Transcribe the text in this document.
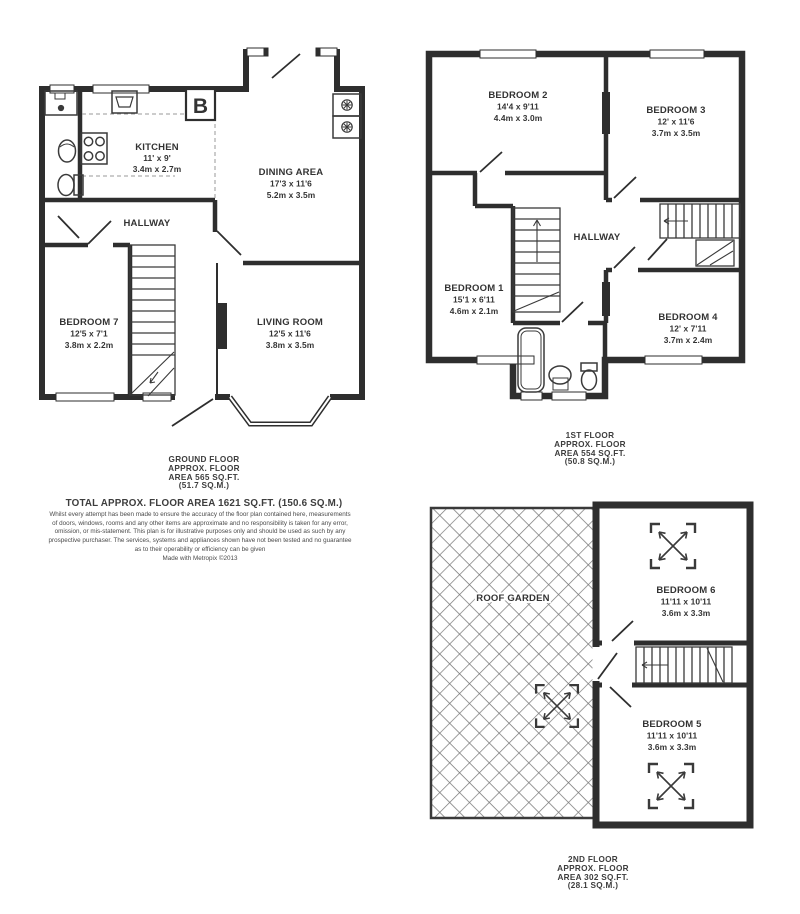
B
KITCHEN
11' x 9'
3.4m x 2.7m	DINING AREA
17'3 x 11'6
5.2m x 3.5m
HALLWAY
BEDROOM 7
12'5 x 7'1
3.8m x 2.2m
LIVING ROOM
12'5 x 11'6
3.8m x 3.5m
BEDROOM 2
14'4 x 9'11
4.4m x 3.0m
BEDROOM 3
12' x 11'6
3.7m x 3.5m
HALLWAY
BEDROOM 1
15'1 x 6'11
4.6m x 2.1m
BEDROOM 4
12' x 7'11
3.7m x 2.4m
ROOF GARDEN
BEDROOM 6
11'11 x 10'11
3.6m x 3.3m
BEDROOM 5
11'11 x 10'11
3.6m x 3.3m
GROUND FLOOR
APPROX. FLOOR
AREA 565 SQ.FT.
(51.7 SQ.M.)
TOTAL APPROX. FLOOR AREA 1621 SQ.FT. (150.6 SQ.M.)
Whilst every attempt has been made to ensure the accuracy of the floor plan contained here, measurements
of doors, windows, rooms and any other items are approximate and no responsibility is taken for any error,
omission, or mis-statement. This plan is for illustrative purposes only and should be used as such by any
prospective purchaser. The services, systems and appliances shown have not been tested and no guarantee
as to their operability or efficiency can be given
Made with Metropix ©2013
1ST FLOOR
APPROX. FLOOR
AREA 554 SQ.FT.
(50.8 SQ.M.)
2ND FLOOR
APPROX. FLOOR
AREA 302 SQ.FT.
(28.1 SQ.M.)
